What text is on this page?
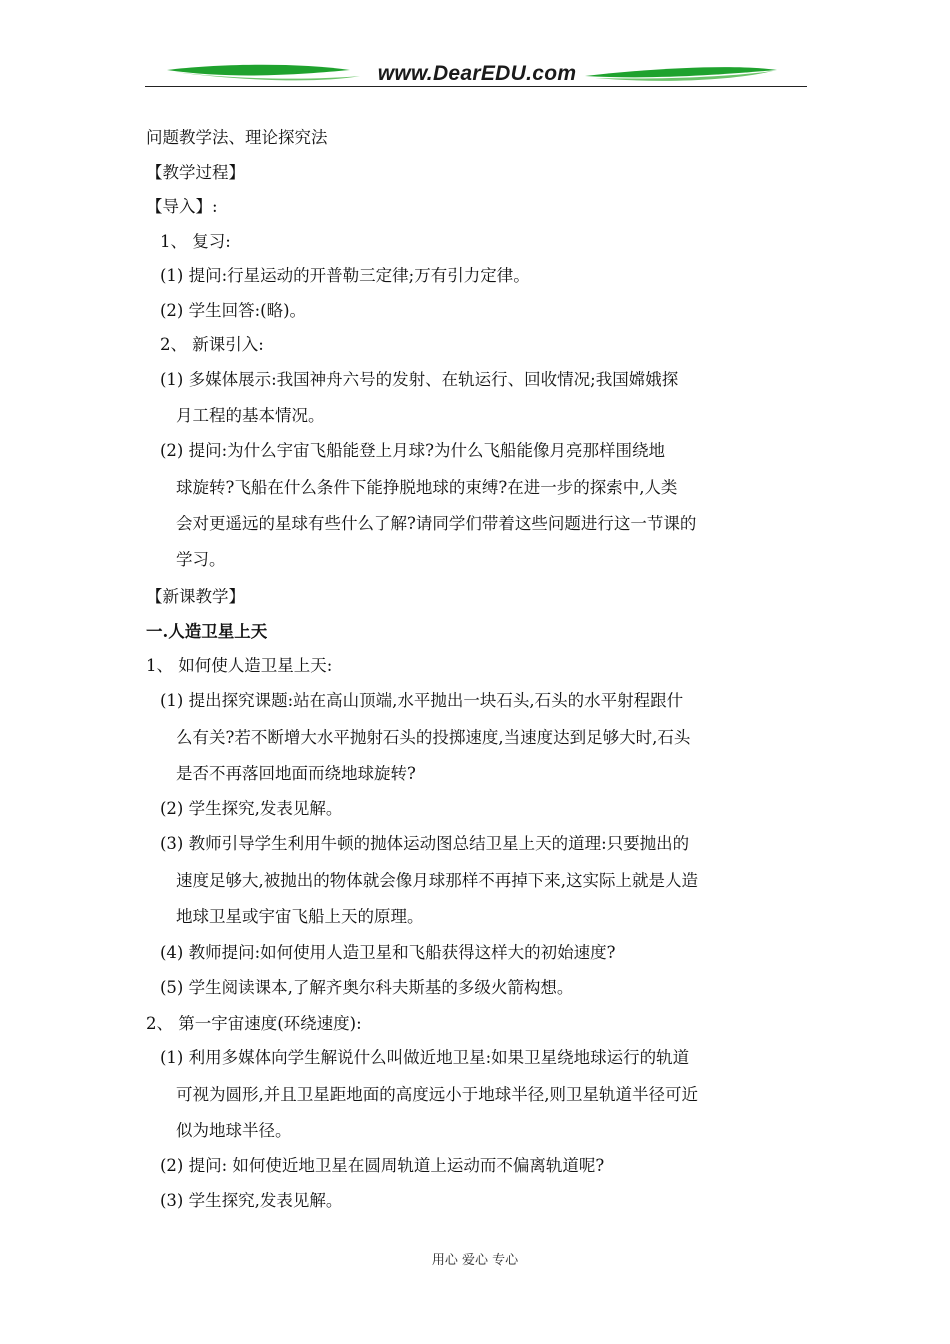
www.DearEDU.com
问题教学法、理论探究法
【教学过程】
【导入】:
1、 复习:
(1) 提问:行星运动的开普勒三定律;万有引力定律。
(2) 学生回答:(略)。
2、 新课引入:
(1) 多媒体展示:我国神舟六号的发射、在轨运行、回收情况;我国嫦娥探
月工程的基本情况。
(2) 提问:为什么宇宙飞船能登上月球?为什么飞船能像月亮那样围绕地
球旋转?飞船在什么条件下能挣脱地球的束缚?在进一步的探索中,人类
会对更遥远的星球有些什么了解?请同学们带着这些问题进行这一节课的
学习。
【新课教学】
一.人造卫星上天
1、 如何使人造卫星上天:
(1) 提出探究课题:站在高山顶端,水平抛出一块石头,石头的水平射程跟什
么有关?若不断增大水平抛射石头的投掷速度,当速度达到足够大时,石头
是否不再落回地面而绕地球旋转?
(2) 学生探究,发表见解。
(3) 教师引导学生利用牛顿的抛体运动图总结卫星上天的道理:只要抛出的
速度足够大,被抛出的物体就会像月球那样不再掉下来,这实际上就是人造
地球卫星或宇宙飞船上天的原理。
(4) 教师提问:如何使用人造卫星和飞船获得这样大的初始速度?
(5) 学生阅读课本,了解齐奥尔科夫斯基的多级火箭构想。
2、 第一宇宙速度(环绕速度):
(1) 利用多媒体向学生解说什么叫做近地卫星:如果卫星绕地球运行的轨道
可视为圆形,并且卫星距地面的高度远小于地球半径,则卫星轨道半径可近
似为地球半径。
(2) 提问: 如何使近地卫星在圆周轨道上运动而不偏离轨道呢?
(3) 学生探究,发表见解。
用心 爱心 专心
